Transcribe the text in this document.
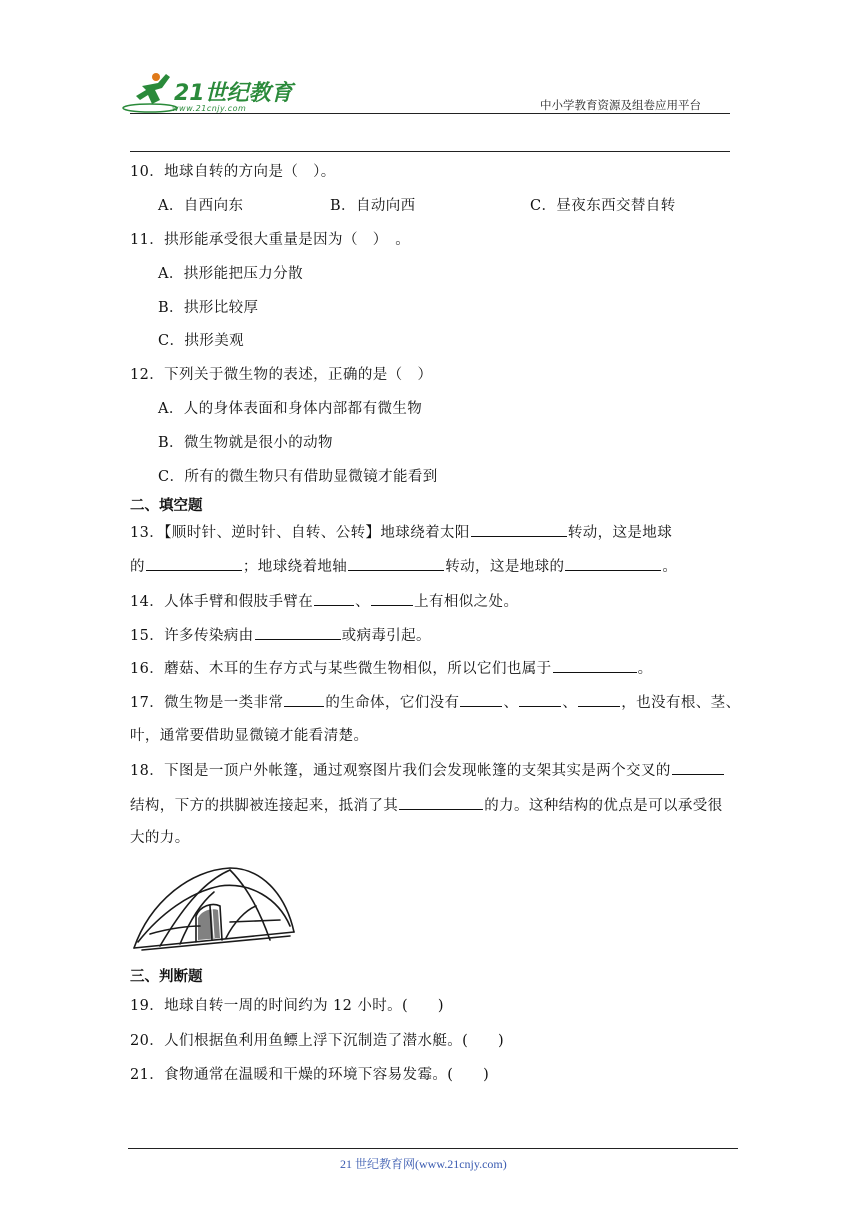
21世纪教育
www.21cnjy.com	中小学教育资源及组卷应用平台
10．地球自转的方向是（　）。
A．自西向东	B．自动向西	C．昼夜东西交替自转
11．拱形能承受很大重量是因为（　）　。
A．拱形能把压力分散
B．拱形比较厚
C．拱形美观
12．下列关于微生物的表述，正确的是（　）
A．人的身体表面和身体内部都有微生物
B．微生物就是很小的动物
C．所有的微生物只有借助显微镜才能看到
二、填空题
13．【顺时针、逆时针、自转、公转】地球绕着太阳	转动，这是地球
的	；地球绕着地轴	转动，这是地球的	。
14．人体手臂和假肢手臂在	、	上有相似之处。
15．许多传染病由	或病毒引起。
16．蘑菇、木耳的生存方式与某些微生物相似，所以它们也属于	。
17．微生物是一类非常	的生命体，它们没有	、	、	，也没有根、茎、
叶，通常要借助显微镜才能看清楚。
18．下图是一顶户外帐篷，通过观察图片我们会发现帐篷的支架其实是两个交叉的
结构，下方的拱脚被连接起来，抵消了其	的力。这种结构的优点是可以承受很
大的力。
三、判断题
19．地球自转一周的时间约为 12 小时。(　　)
20．人们根据鱼利用鱼鳔上浮下沉制造了潜水艇。(　　)
21．食物通常在温暖和干燥的环境下容易发霉。(　　)
21 世纪教育网(www.21cnjy.com)
